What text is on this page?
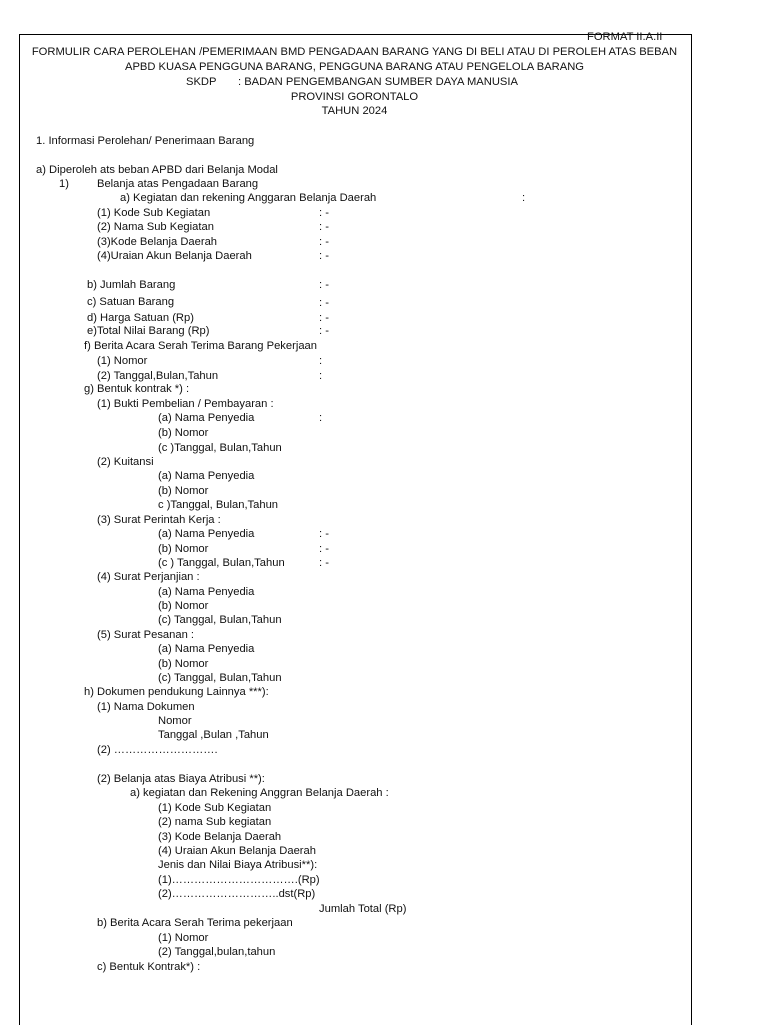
FORMAT II.A.II
FORMULIR CARA PEROLEHAN /PEMERIMAAN BMD PENGADAAN BARANG YANG DI BELI ATAU DI PEROLEH ATAS BEBAN
APBD KUASA PENGGUNA BARANG, PENGGUNA BARANG ATAU PENGELOLA BARANG
SKDP : BADAN PENGEMBANGAN SUMBER DAYA MANUSIA
PROVINSI GORONTALO
TAHUN 2024
1. Informasi Perolehan/ Penerimaan Barang
a) Diperoleh ats beban APBD dari Belanja Modal
1)	Belanja atas Pengadaan Barang
a) Kegiatan dan rekening Anggaran Belanja Daerah	:
(1) Kode Sub Kegiatan	: -
(2) Nama Sub Kegiatan	: -
(3)Kode Belanja Daerah	: -
(4)Uraian Akun Belanja Daerah	: -
b) Jumlah Barang	: -
c) Satuan Barang	: -
d) Harga Satuan (Rp)	: -
e)Total Nilai Barang (Rp)	: -
f) Berita Acara Serah Terima Barang Pekerjaan
(1) Nomor	:
(2) Tanggal,Bulan,Tahun	:
g) Bentuk kontrak *) :
(1) Bukti Pembelian / Pembayaran :
(a) Nama Penyedia	:
(b) Nomor
(c )Tanggal, Bulan,Tahun
(2) Kuitansi
(a) Nama Penyedia
(b) Nomor
c )Tanggal, Bulan,Tahun
(3) Surat Perintah Kerja :
(a) Nama Penyedia	: -
(b) Nomor	: -
(c ) Tanggal, Bulan,Tahun	: -
(4) Surat Perjanjian :
(a) Nama Penyedia
(b) Nomor
(c) Tanggal, Bulan,Tahun
(5) Surat Pesanan :
(a) Nama Penyedia
(b) Nomor
(c) Tanggal, Bulan,Tahun
h) Dokumen pendukung Lainnya ***):
(1) Nama Dokumen
Nomor
Tanggal ,Bulan ,Tahun
(2) ……………………….
(2) Belanja atas Biaya Atribusi **):
a) kegiatan dan Rekening Anggran Belanja Daerah :
(1) Kode Sub Kegiatan
(2) nama Sub kegiatan
(3) Kode Belanja Daerah
(4) Uraian Akun Belanja Daerah
Jenis dan Nilai Biaya Atribusi**):
(1)…………………………….(Rp)
(2)………………………..dst(Rp)
Jumlah Total (Rp)
b) Berita Acara Serah Terima pekerjaan
(1) Nomor
(2) Tanggal,bulan,tahun
c) Bentuk Kontrak*) :
